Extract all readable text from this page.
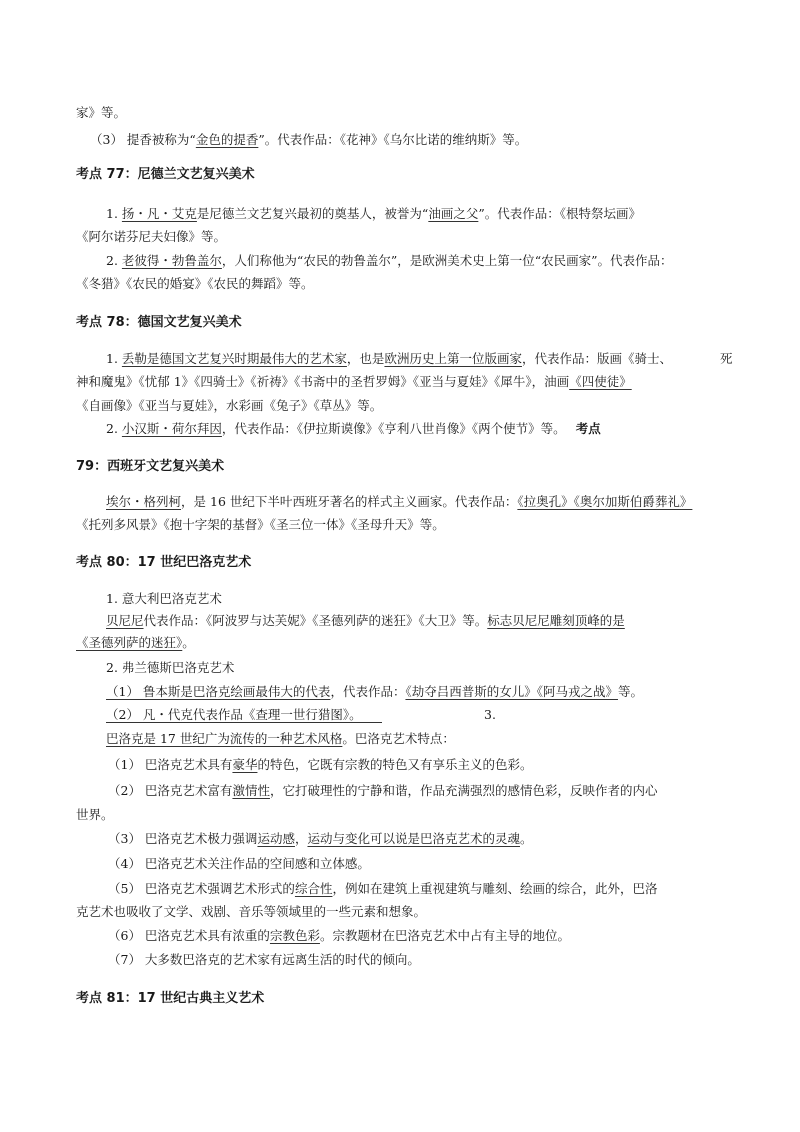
家》等。
（3） 提香被称为“金色的提香”。代表作品：《花神》《乌尔比诺的维纳斯》等。
考点 77：尼德兰文艺复兴美术
1. 扬・凡・艾克是尼德兰文艺复兴最初的奠基人，被誉为“油画之父”。代表作品：《根特祭坛画》
《阿尔诺芬尼夫妇像》等。
2. 老彼得・勃鲁盖尔，人们称他为“农民的勃鲁盖尔”，是欧洲美术史上第一位“农民画家”。代表作品：
《冬猎》《农民的婚宴》《农民的舞蹈》等。
考点 78：德国文艺复兴美术
1. 丢勒是德国文艺复兴时期最伟大的艺术家，也是欧洲历史上第一位版画家，代表作品：版画《骑士、	死
神和魔鬼》《忧郁 1》《四骑士》《祈祷》《书斋中的圣哲罗姆》《亚当与夏娃》《犀牛》，油画《四使徒》
《自画像》《亚当与夏娃》，水彩画《兔子》《草丛》等。
2. 小汉斯・荷尔拜因，代表作品：《伊拉斯谟像》《亨利八世肖像》《两个使节》等。 考点
79：西班牙文艺复兴美术
埃尔・格列柯，是 16 世纪下半叶西班牙著名的样式主义画家。代表作品：《拉奥孔》《奥尔加斯伯爵葬礼》
《托列多风景》《抱十字架的基督》《圣三位一体》《圣母升天》等。
考点 80：17 世纪巴洛克艺术
1. 意大利巴洛克艺术
贝尼尼代表作品：《阿波罗与达芙妮》《圣德列萨的迷狂》《大卫》等。标志贝尼尼雕刻顶峰的是
《圣德列萨的迷狂》。
2. 弗兰德斯巴洛克艺术
（1） 鲁本斯是巴洛克绘画最伟大的代表，代表作品：《劫夺吕西普斯的女儿》《阿马戎之战》等。
（2） 凡・代克代表作品《查理一世行猎图》。	3.
巴洛克是 17 世纪广为流传的一种艺术风格。巴洛克艺术特点：
（1） 巴洛克艺术具有豪华的特色，它既有宗教的特色又有享乐主义的色彩。
（2） 巴洛克艺术富有激情性，它打破理性的宁静和谐，作品充满强烈的感情色彩，反映作者的内心
世界。
（3） 巴洛克艺术极力强调运动感，运动与变化可以说是巴洛克艺术的灵魂。
（4） 巴洛克艺术关注作品的空间感和立体感。
（5） 巴洛克艺术强调艺术形式的综合性，例如在建筑上重视建筑与雕刻、绘画的综合，此外，巴洛
克艺术也吸收了文学、戏剧、音乐等领域里的一些元素和想象。
（6） 巴洛克艺术具有浓重的宗教色彩。宗教题材在巴洛克艺术中占有主导的地位。
（7） 大多数巴洛克的艺术家有远离生活的时代的倾向。
考点 81：17 世纪古典主义艺术
